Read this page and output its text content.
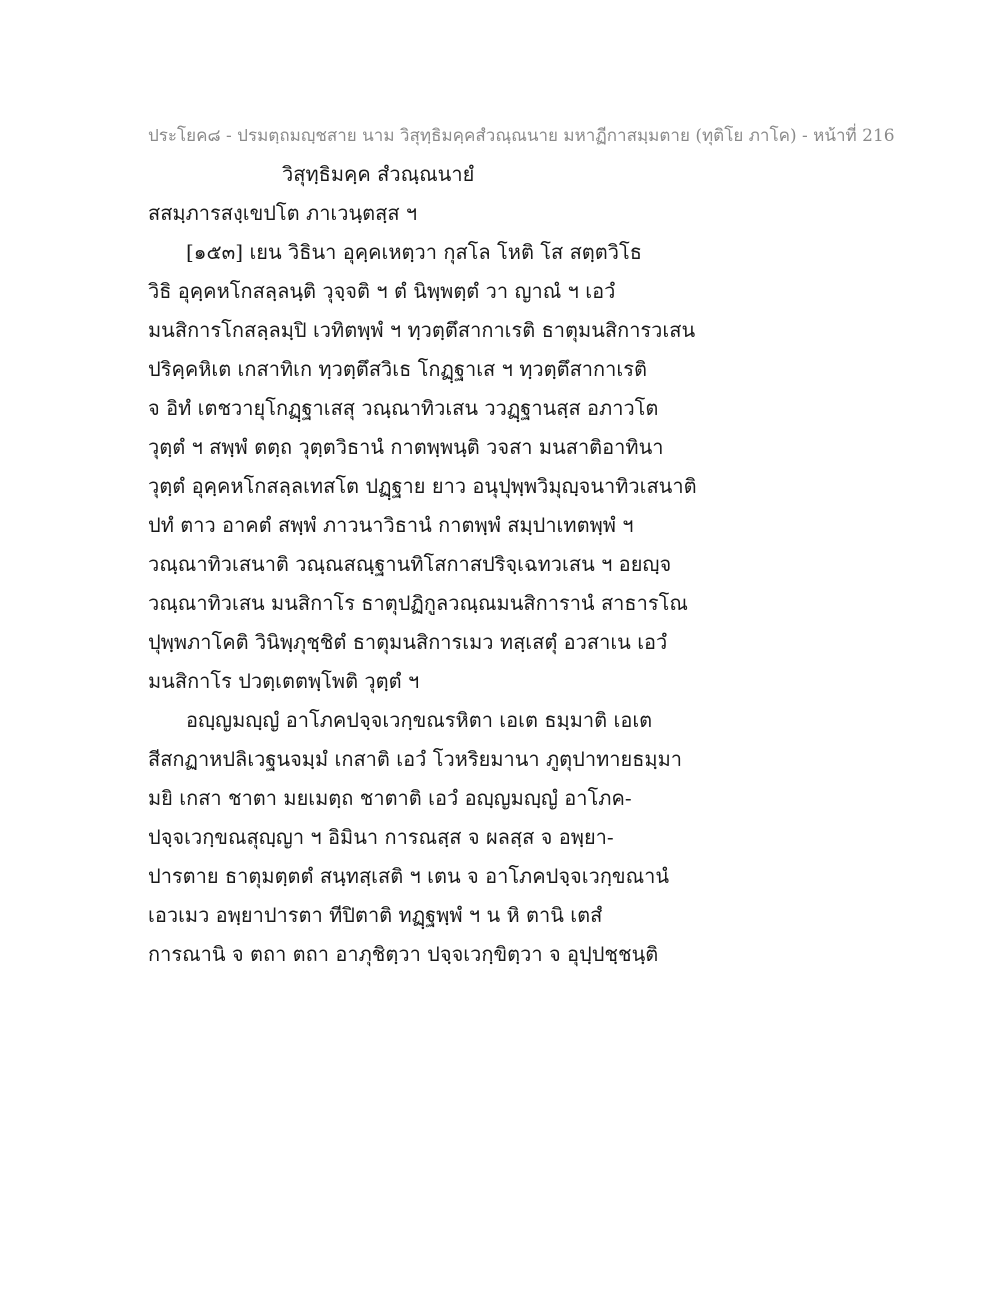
ประโยค๘ - ปรมตฺถมญฺชสาย นาม วิสุทฺธิมคฺคสํวณฺณนาย มหาฏีกาสมฺมตาย (ทุติโย ภาโค) - หน้าที่ 216
วิสุทฺธิมคฺค สํวณฺณนายํ
สสมฺภารสงฺเขปโต ภาเวนฺตสฺส ฯ
[๑๕๓] เยน วิธินา อุคฺคเหตฺวา กุสโล โหติ โส สตฺตวิโธ
วิธิ อุคฺคหโกสลฺลนฺติ วุจฺจติ ฯ ตํ นิพฺพตฺตํ วา ญาณํ ฯ เอวํ
มนสิการโกสลฺลมฺปิ เวทิตพฺพํ ฯ ทฺวตฺตึสากาเรติ ธาตุมนสิการวเสน
ปริคฺคหิเต เกสาทิเก ทฺวตฺตึสวิเธ โกฏฺฐาเส ฯ ทฺวตฺตึสากาเรติ
จ อิทํ เตชวายุโกฏฺฐาเสสุ วณฺณาทิวเสน ววฏฺฐานสฺส อภาวโต
วุตฺตํ ฯ สพฺพํ ตตฺถ วุตฺตวิธานํ กาตพฺพนฺติ วจสา มนสาติอาทินา
วุตฺตํ อุคฺคหโกสลฺลเทสโต ปฏฺฐาย ยาว อนุปุพฺพวิมุญฺจนาทิวเสนาติ
ปทํ ตาว อาคตํ สพฺพํ ภาวนาวิธานํ กาตพฺพํ สมฺปาเทตพฺพํ ฯ
วณฺณาทิวเสนาติ วณฺณสณฺฐานทิโสกาสปริจฺเฉทวเสน ฯ อยญฺจ
วณฺณาทิวเสน มนสิกาโร ธาตุปฏิกูลวณฺณมนสิการานํ สาธารโณ
ปุพฺพภาโคติ วินิพฺภุชฺชิตํ ธาตุมนสิการเมว ทสฺเสตุํ อวสาเน เอวํ
มนสิกาโร ปวตฺเตตพฺโพติ วุตฺตํ ฯ
อญฺญมญฺญํ อาโภคปจฺจเวกฺขณรหิตา เอเต ธมฺมาติ เอเต
สีสกฏาหปลิเวฐนจมฺมํ เกสาติ เอวํ โวหริยมานา ภูตุปาทายธมฺมา
มยิ เกสา ชาตา มยเมตฺถ ชาตาติ เอวํ อญฺญมญฺญํ อาโภค-
ปจฺจเวกฺขณสุญฺญา ฯ อิมินา การณสฺส จ ผลสฺส จ อพฺยา-
ปารตาย ธาตุมตฺตตํ สนฺทสฺเสติ ฯ เตน จ อาโภคปจฺจเวกฺขณานํ
เอวเมว อพฺยาปารตา ทีปิตาติ ทฏฺฐพฺพํ ฯ น หิ ตานิ เตสํ
การณานิ จ ตถา ตถา อาภุชิตฺวา ปจฺจเวกฺขิตฺวา จ อุปฺปชฺชนฺติ
